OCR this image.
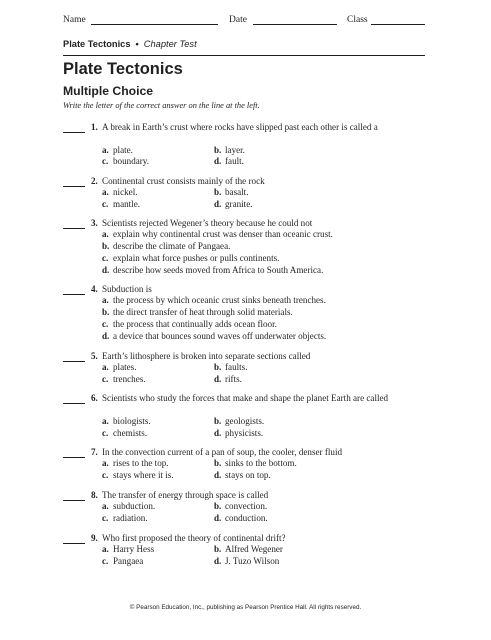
Name	Date	Class
Plate Tectonics • Chapter Test
Plate Tectonics
Multiple Choice
Write the letter of the correct answer on the line at the left.
1. A break in Earth’s crust where rocks have slipped past each other is called a
a. plate.	b. layer.
c. boundary.	d. fault.
2. Continental crust consists mainly of the rock
a. nickel.	b. basalt.
c. mantle.	d. granite.
3. Scientists rejected Wegener’s theory because he could not
a. explain why continental crust was denser than oceanic crust.
b. describe the climate of Pangaea.
c. explain what force pushes or pulls continents.
d. describe how seeds moved from Africa to South America.
4. Subduction is
a. the process by which oceanic crust sinks beneath trenches.
b. the direct transfer of heat through solid materials.
c. the process that continually adds ocean floor.
d. a device that bounces sound waves off underwater objects.
5. Earth’s lithosphere is broken into separate sections called
a. plates.	b. faults.
c. trenches.	d. rifts.
6. Scientists who study the forces that make and shape the planet Earth are called
a. biologists.	b. geologists.
c. chemists.	d. physicists.
7. In the convection current of a pan of soup, the cooler, denser fluid
a. rises to the top.	b. sinks to the bottom.
c. stays where it is.	d. stays on top.
8. The transfer of energy through space is called
a. subduction.	b. convection.
c. radiation.	d. conduction.
9. Who first proposed the theory of continental drift?
a. Harry Hess	b. Alfred Wegener
c. Pangaea	d. J. Tuzo Wilson
© Pearson Education, Inc., publishing as Pearson Prentice Hall. All rights reserved.
